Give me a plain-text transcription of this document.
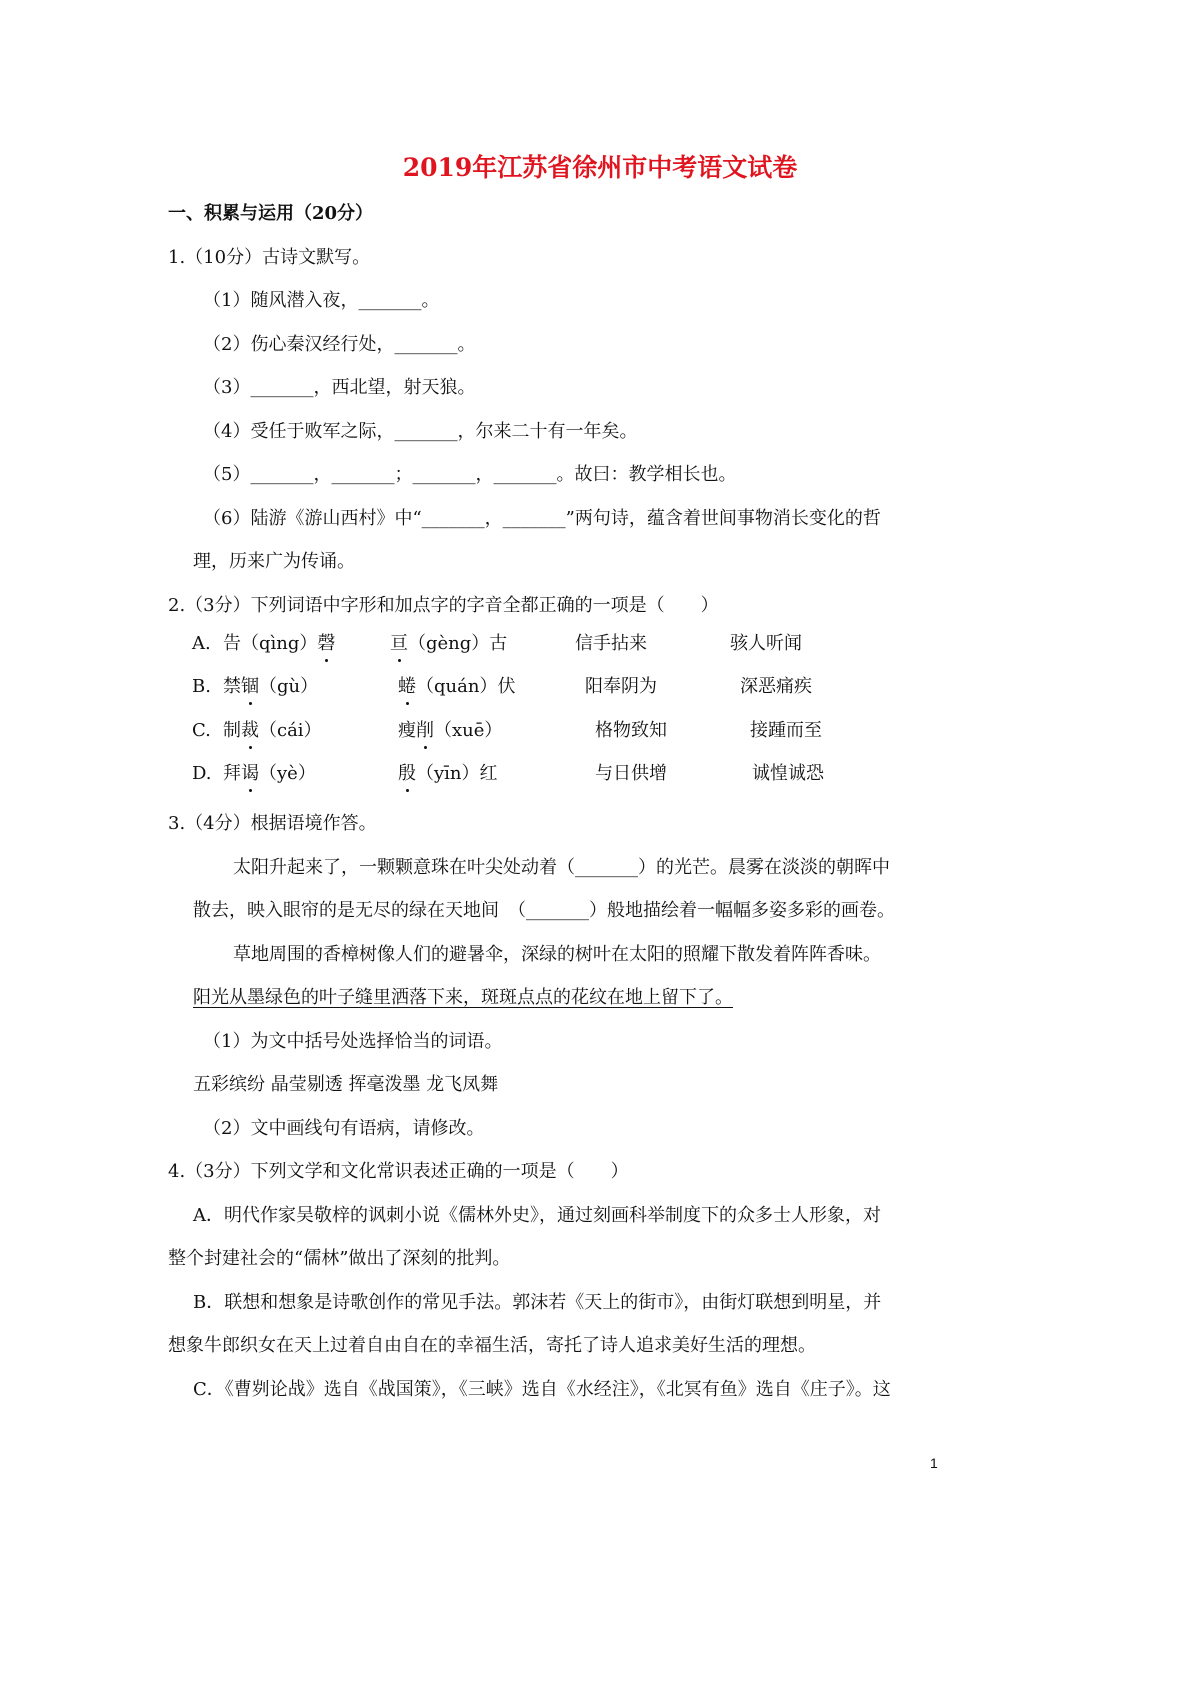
2019年江苏省徐州市中考语文试卷
一、积累与运用（20分）
1.（10分）古诗文默写。
（1）随风潜入夜，_______。
（2）伤心秦汉经行处，_______。
（3）_______，西北望，射天狼。
（4）受任于败军之际，_______，尔来二十有一年矣。
（5）_______，_______；_______，_______。故曰：教学相长也。
（6）陆游《游山西村》中“_______，_______”两句诗，蕴含着世间事物消长变化的哲
理，历来广为传诵。
2.（3分）下列词语中字形和加点字的字音全都正确的一项是（　　）
A. 告（qìng）磬	亘（gèng）古	信手拈来	骇人听闻
B. 禁锢（gù）	蜷（quán）伏	阳奉阴为	深恶痛疾
C. 制裁（cái）	瘦削（xuē）	格物致知	接踵而至
D. 拜谒（yè）	殷（yīn）红	与日供增	诚惶诚恐
3.（4分）根据语境作答。
太阳升起来了，一颗颗意珠在叶尖处动着（_______）的光芒。晨雾在淡淡的朝晖中
散去，映入眼帘的是无尽的绿在天地间　（_______）般地描绘着一幅幅多姿多彩的画卷。
草地周围的香樟树像人们的避暑伞，深绿的树叶在太阳的照耀下散发着阵阵香味。
阳光从墨绿色的叶子缝里洒落下来，斑斑点点的花纹在地上留下了。
（1）为文中括号处选择恰当的词语。
五彩缤纷 晶莹剔透 挥毫泼墨 龙飞凤舞
（2）文中画线句有语病，请修改。
4.（3分）下列文学和文化常识表述正确的一项是（　　）
A．明代作家吴敬梓的讽刺小说《儒林外史》，通过刻画科举制度下的众多士人形象，对
整个封建社会的“儒林”做出了深刻的批判。
B．联想和想象是诗歌创作的常见手法。郭沫若《天上的街市》，由街灯联想到明星，并
想象牛郎织女在天上过着自由自在的幸福生活，寄托了诗人追求美好生活的理想。
C．《曹刿论战》选自《战国策》，《三峡》选自《水经注》，《北冥有鱼》选自《庄子》。这
1
